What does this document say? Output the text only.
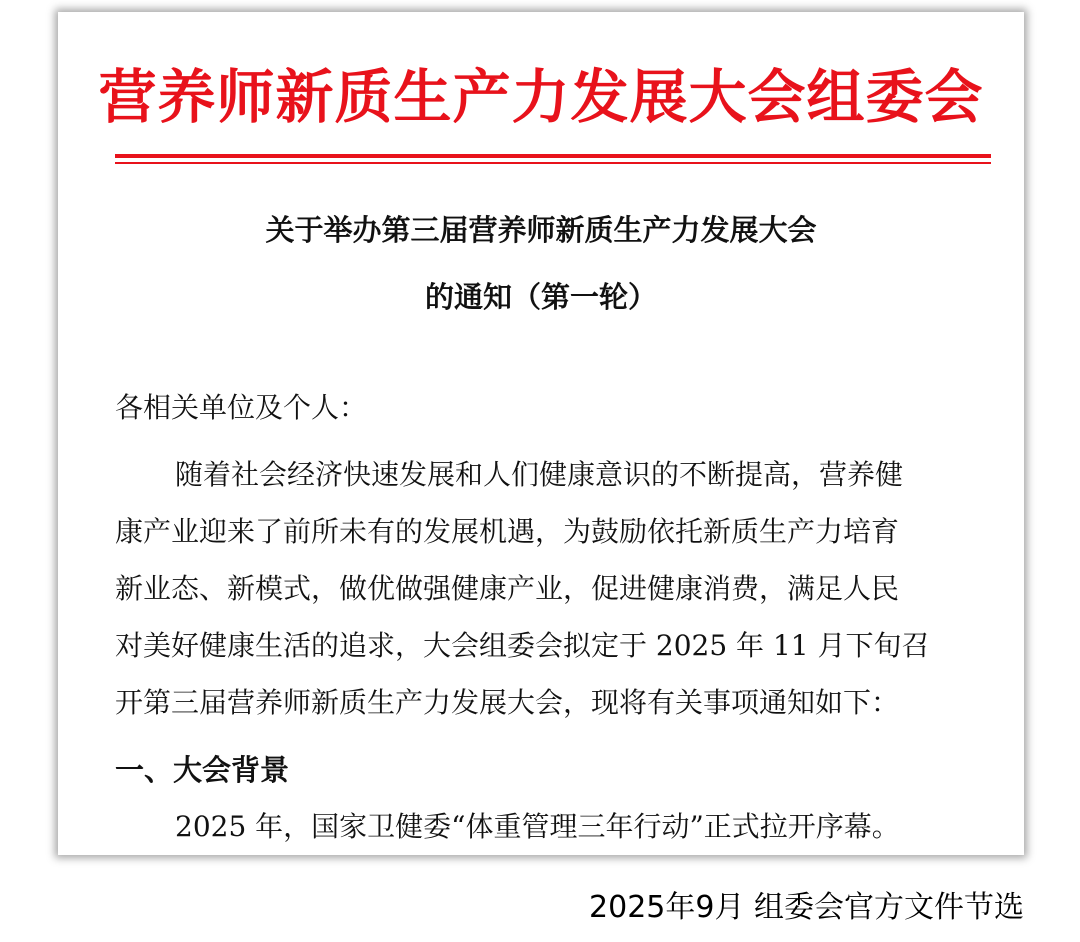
营养师新质生产力发展大会组委会
关于举办第三届营养师新质生产力发展大会
的通知（第一轮）
各相关单位及个人：
随着社会经济快速发展和人们健康意识的不断提高，营养健
康产业迎来了前所未有的发展机遇，为鼓励依托新质生产力培育
新业态、新模式，做优做强健康产业，促进健康消费，满足人民
对美好健康生活的追求，大会组委会拟定于 2025 年 11 月下旬召
开第三届营养师新质生产力发展大会，现将有关事项通知如下：
一、大会背景
2025 年，国家卫健委“体重管理三年行动”正式拉开序幕。
2025年9月 组委会官方文件节选
